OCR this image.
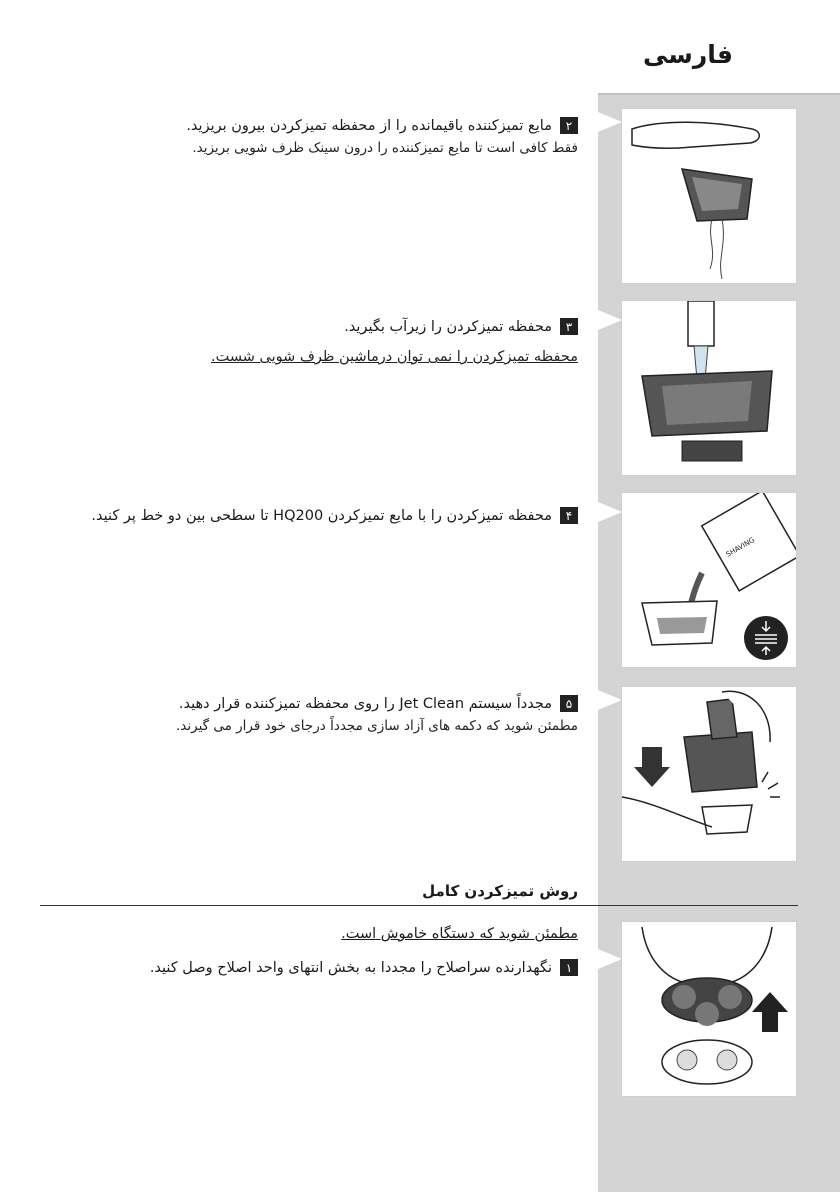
فارسی
۲
مایع تمیزکننده باقیمانده را از محفظه تمیزکردن بیرون بریزید.
فقط کافی است تا مایع تمیزکننده را درون سینک ظرف شویی بریزید.
۳
محفظه تمیزکردن را زیرآب بگیرید.
محفظه تمیزکردن را نمی توان درماشین ظرف شویی شست.
۴
محفظه تمیزکردن را با مایع تمیزکردن HQ200 تا سطحی بین دو خط پر کنید.
SHAVING
۵
مجدداً سیستم Jet Clean را روی محفظه تمیزکننده قرار دهید.
مطمئن شوید که دکمه های آزاد سازی مجدداً درجای خود قرار می گیرند.
روش تمیزکردن کامل
مطمئن شوید که دستگاه خاموش است.
۱
نگهدارنده سراصلاح را مجددا به بخش انتهای واحد اصلاح وصل کنید.
